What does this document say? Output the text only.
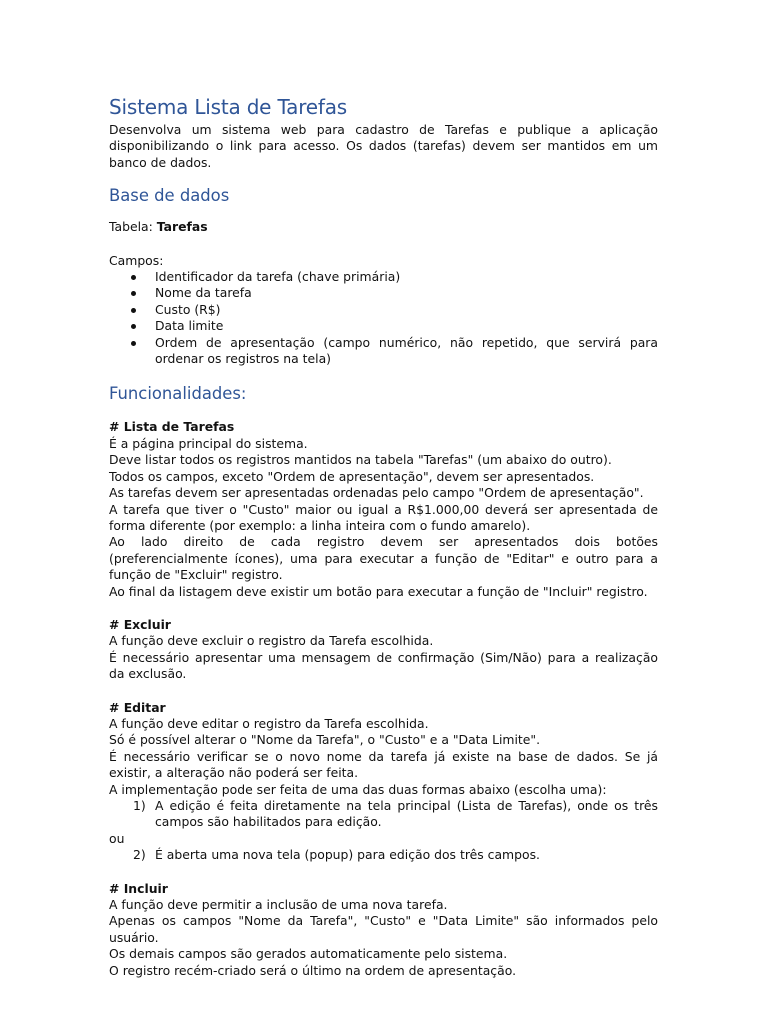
Sistema Lista de Tarefas

Desenvolva um sistema web para cadastro de Tarefas e publique a aplicação disponibilizando o link para acesso. Os dados (tarefas) devem ser mantidos em um banco de dados.

Base de dados

Tabela: Tarefas

Campos:

Identificador da tarefa (chave primária)
Nome da tarefa
Custo (R$)
Data limite
Ordem de apresentação (campo numérico, não repetido, que servirá para ordenar os registros na tela)
Funcionalidades:

# Lista de Tarefas

É a página principal do sistema.

Deve listar todos os registros mantidos na tabela "Tarefas" (um abaixo do outro).

Todos os campos, exceto "Ordem de apresentação", devem ser apresentados.

As tarefas devem ser apresentadas ordenadas pelo campo "Ordem de apresentação".

A tarefa que tiver o "Custo" maior ou igual a R$1.000,00 deverá ser apresentada de forma diferente (por exemplo: a linha inteira com o fundo amarelo).

Ao lado direito de cada registro devem ser apresentados dois botões (preferencialmente ícones), uma para executar a função de "Editar" e outro para a função de "Excluir" registro.

Ao final da listagem deve existir um botão para executar a função de "Incluir" registro.

# Excluir

A função deve excluir o registro da Tarefa escolhida.

É necessário apresentar uma mensagem de confirmação (Sim/Não) para a realização da exclusão.

# Editar

A função deve editar o registro da Tarefa escolhida.

Só é possível alterar o "Nome da Tarefa", o "Custo" e a "Data Limite".

É necessário verificar se o novo nome da tarefa já existe na base de dados. Se já existir, a alteração não poderá ser feita.

A implementação pode ser feita de uma das duas formas abaixo (escolha uma):

1) A edição é feita diretamente na tela principal (Lista de Tarefas), onde os três campos são habilitados para edição.

ou

2) É aberta uma nova tela (popup) para edição dos três campos.

# Incluir

A função deve permitir a inclusão de uma nova tarefa.

Apenas os campos "Nome da Tarefa", "Custo" e "Data Limite" são informados pelo usuário.

Os demais campos são gerados automaticamente pelo sistema.

O registro recém-criado será o último na ordem de apresentação.
